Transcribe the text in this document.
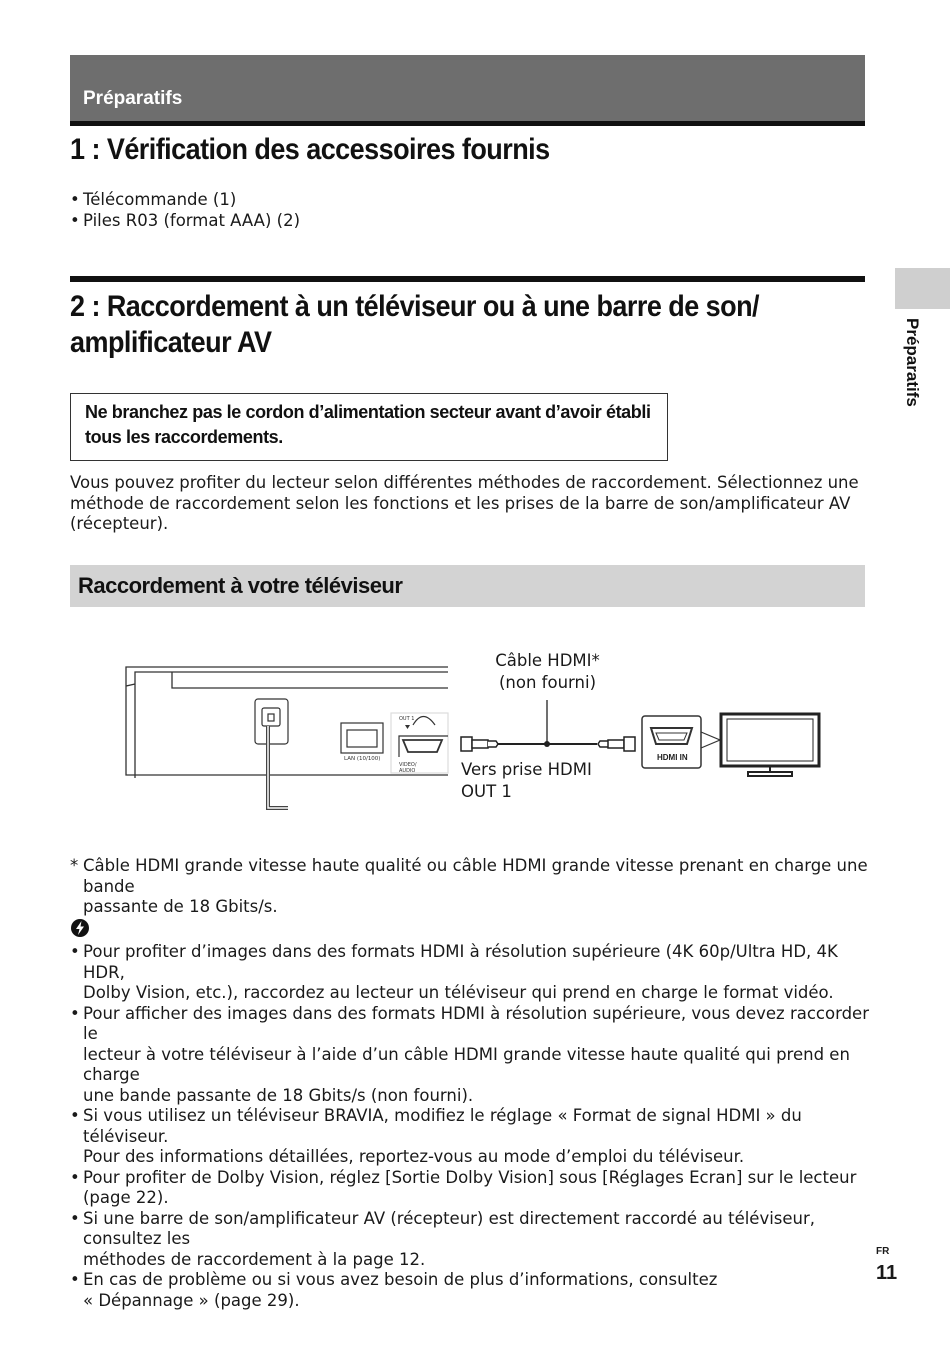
Préparatifs
Préparatifs
1 : Vérification des accessoires fournis
• Télécommande (1)
• Piles R03 (format AAA) (2)
2 : Raccordement à un téléviseur ou à une barre de son/
amplificateur AV
Ne branchez pas le cordon d’alimentation secteur avant d’avoir établi
tous les raccordements.
Vous pouvez profiter du lecteur selon différentes méthodes de raccordement. Sélectionnez une
méthode de raccordement selon les fonctions et les prises de la barre de son/amplificateur AV
(récepteur).
Raccordement à votre téléviseur
LAN (10/100)
OUT 1
VIDEO/
AUDIO
HDMI IN
Câble HDMI*
(non fourni)
Vers prise HDMI
OUT 1
* Câble HDMI grande vitesse haute qualité ou câble HDMI grande vitesse prenant en charge une bande
passante de 18 Gbits/s.
• Pour profiter d’images dans des formats HDMI à résolution supérieure (4K 60p/Ultra HD, 4K HDR,
Dolby Vision, etc.), raccordez au lecteur un téléviseur qui prend en charge le format vidéo.
• Pour afficher des images dans des formats HDMI à résolution supérieure, vous devez raccorder le
lecteur à votre téléviseur à l’aide d’un câble HDMI grande vitesse haute qualité qui prend en charge
une bande passante de 18 Gbits/s (non fourni).
• Si vous utilisez un téléviseur BRAVIA, modifiez le réglage « Format de signal HDMI » du téléviseur.
Pour des informations détaillées, reportez-vous au mode d’emploi du téléviseur.
• Pour profiter de Dolby Vision, réglez [Sortie Dolby Vision] sous [Réglages Ecran] sur le lecteur
(page 22).
• Si une barre de son/amplificateur AV (récepteur) est directement raccordé au téléviseur, consultez les
méthodes de raccordement à la page 12.
• En cas de problème ou si vous avez besoin de plus d’informations, consultez
« Dépannage » (page 29).
FR
11
